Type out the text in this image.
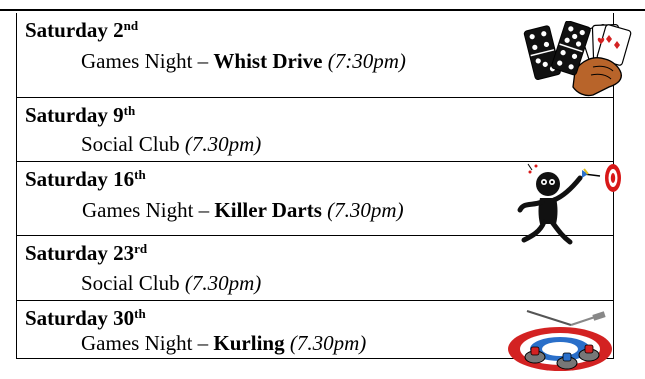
Saturday 2nd
Games Night – Whist Drive (7:30pm)
Saturday 9th
Social Club (7.30pm)
Saturday 16th
Games Night – Killer Darts (7.30pm)
Saturday 23rd
Social Club (7.30pm)
Saturday 30th
Games Night – Kurling (7.30pm)
